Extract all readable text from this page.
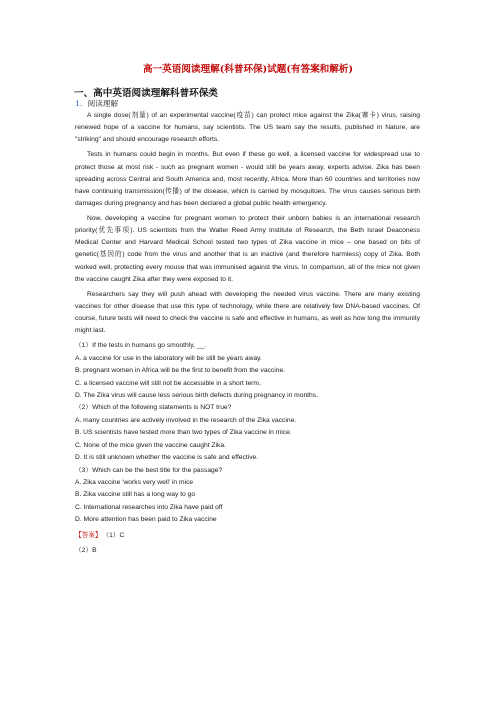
高一英语阅读理解(科普环保)试题(有答案和解析)
一、高中英语阅读理解科普环保类
1. 阅读理解

A single dose(剂量) of an experimental vaccine(疫苗) can protect mice against the Zika(寨卡) virus, raising renewed hope of a vaccine for humans, say scientists. The US team say the results, published in Nature, are "striking" and should encourage research efforts.

Tests in humans could begin in months. But even if these go well, a licensed vaccine for widespread use to protect those at most risk - such as pregnant women - would still be years away, experts advise. Zika has been spreading across Central and South America and, most recently, Africa. More than 60 countries and territories now have continuing transmission(传播) of the disease, which is carried by mosquitoes. The virus causes serious birth damages during pregnancy and has been declared a global public health emergency.

Now, developing a vaccine for pregnant women to protect their unborn babies is an international research priority(优先事项). US scientists from the Walter Reed Army Institute of Research, the Beth Israel Deaconess Medical Center and Harvard Medical School tested two types of Zika vaccine in mice – one based on bits of genetic(基因的) code from the virus and another that is an inactive (and therefore harmless) copy of Zika. Both worked well, protecting every mouse that was immunised against the virus. In comparison, all of the mice not given the vaccine caught Zika after they were exposed to it.

Researchers say they will push ahead with developing the needed virus vaccine. There are many existing vaccines for other disease that use this type of technology, while there are relatively few DNA-based vaccines. Of course, future tests will need to check the vaccine is safe and effective in humans, as well as how long the immunity might last.

（1）If the tests in humans go smoothly, __.

A. a vaccine for use in the laboratory will be still be years away.

B. pregnant women in Africa will be the first to benefit from the vaccine.

C. a licensed vaccine will still not be accessible in a short term.

D. The Zika virus will cause less serious birth defects during pregnancy in months.

（2）Which of the following statements is NOT true?

A. many countries are actively involved in the research of the Zika vaccine.

B. US scientists have tested more than two types of Zika vaccine in mice.

C. None of the mice given the vaccine caught Zika.

D. It is still unknown whether the vaccine is safe and effective.

（3）Which can be the best title for the passage?

A. Zika vaccine 'works very well' in mice

B. Zika vaccine still has a long way to go

C. International researches into Zika have paid off

D. More attention has been paid to Zika vaccine

【答案】 （1）C

（2）B
